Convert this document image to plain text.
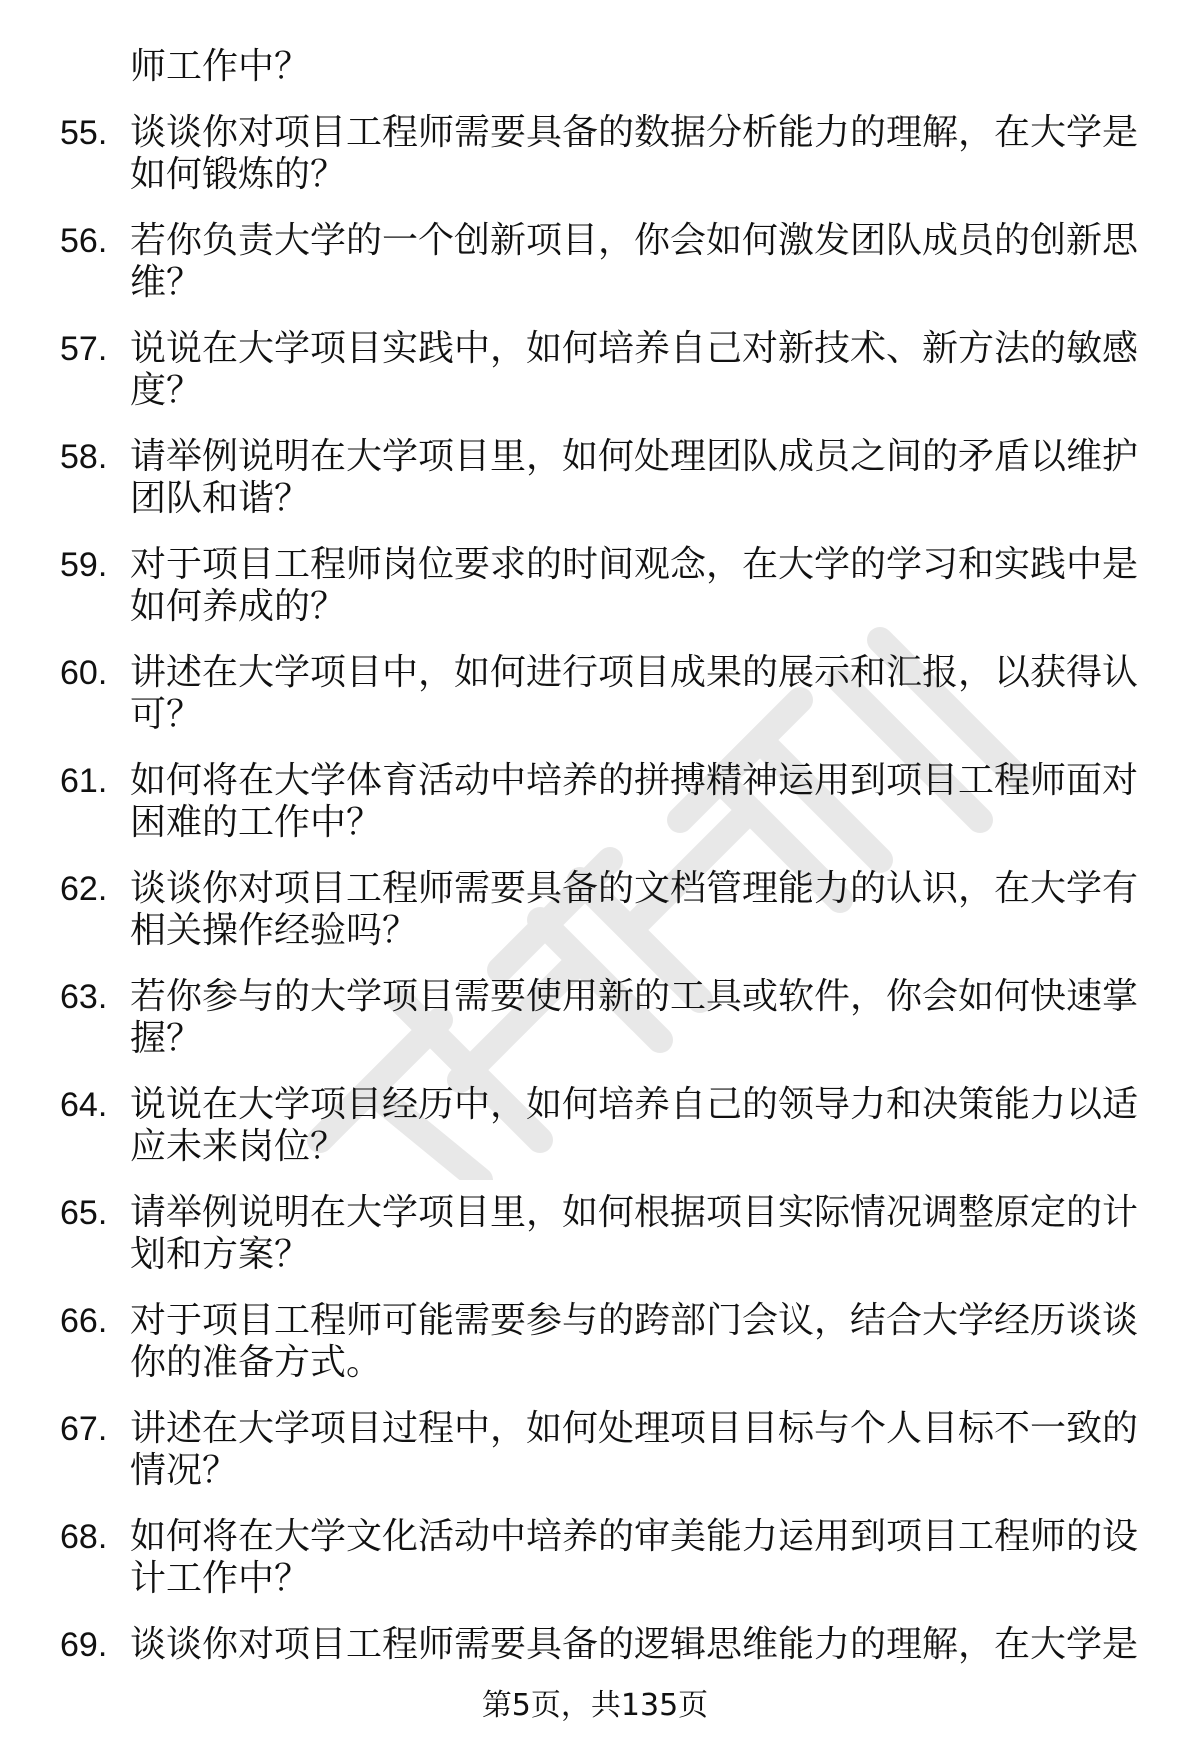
师工作中？
55. 谈谈你对项目工程师需要具备的数据分析能力的理解，在大学是
如何锻炼的？
56. 若你负责大学的一个创新项目，你会如何激发团队成员的创新思
维？
57. 说说在大学项目实践中，如何培养自己对新技术、新方法的敏感
度？
58. 请举例说明在大学项目里，如何处理团队成员之间的矛盾以维护
团队和谐？
59. 对于项目工程师岗位要求的时间观念，在大学的学习和实践中是
如何养成的？
60. 讲述在大学项目中，如何进行项目成果的展示和汇报，以获得认
可？
61. 如何将在大学体育活动中培养的拼搏精神运用到项目工程师面对
困难的工作中？
62. 谈谈你对项目工程师需要具备的文档管理能力的认识，在大学有
相关操作经验吗？
63. 若你参与的大学项目需要使用新的工具或软件，你会如何快速掌
握？
64. 说说在大学项目经历中，如何培养自己的领导力和决策能力以适
应未来岗位？
65. 请举例说明在大学项目里，如何根据项目实际情况调整原定的计
划和方案？
66. 对于项目工程师可能需要参与的跨部门会议，结合大学经历谈谈
你的准备方式。
67. 讲述在大学项目过程中，如何处理项目目标与个人目标不一致的
情况？
68. 如何将在大学文化活动中培养的审美能力运用到项目工程师的设
计工作中？
69. 谈谈你对项目工程师需要具备的逻辑思维能力的理解，在大学是
第5页，共135页
